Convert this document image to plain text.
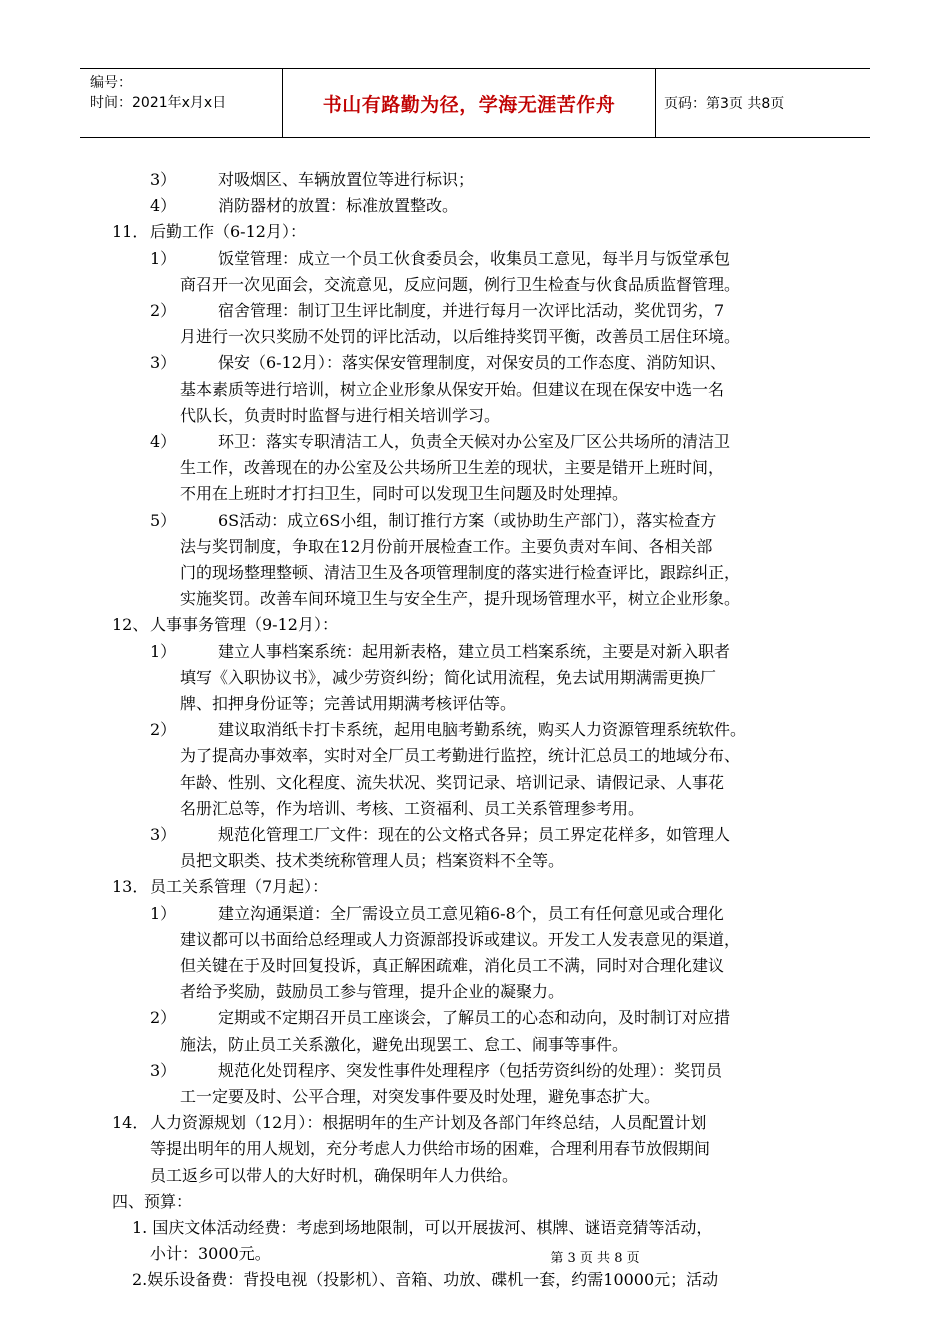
编号：
时间：2021年x月x日	书山有路勤为径，学海无涯苦作舟	页码：第3页 共8页
3）	对吸烟区、车辆放置位等进行标识；
4）	消防器材的放置：标准放置整改。
11． 后勤工作（6-12月）：
1）	饭堂管理：成立一个员工伙食委员会，收集员工意见，每半月与饭堂承包
商召开一次见面会，交流意见，反应问题，例行卫生检查与伙食品质监督管理。
2）	宿舍管理：制订卫生评比制度，并进行每月一次评比活动，奖优罚劣，7
月进行一次只奖励不处罚的评比活动，以后维持奖罚平衡，改善员工居住环境。
3）	保安（6-12月）：落实保安管理制度，对保安员的工作态度、消防知识、
基本素质等进行培训，树立企业形象从保安开始。但建议在现在保安中选一名
代队长，负责时时监督与进行相关培训学习。
4）	环卫：落实专职清洁工人，负责全天候对办公室及厂区公共场所的清洁卫
生工作，改善现在的办公室及公共场所卫生差的现状，主要是错开上班时间，
不用在上班时才打扫卫生，同时可以发现卫生问题及时处理掉。
5）	6S活动：成立6S小组，制订推行方案（或协助生产部门），落实检查方
法与奖罚制度，争取在12月份前开展检查工作。主要负责对车间、各相关部
门的现场整理整顿、清洁卫生及各项管理制度的落实进行检查评比，跟踪纠正，
实施奖罚。改善车间环境卫生与安全生产，提升现场管理水平，树立企业形象。
12、 人事事务管理（9-12月）：
1）	建立人事档案系统：起用新表格，建立员工档案系统，主要是对新入职者
填写《入职协议书》，减少劳资纠纷；简化试用流程，免去试用期满需更换厂
牌、扣押身份证等；完善试用期满考核评估等。
2）	建议取消纸卡打卡系统，起用电脑考勤系统，购买人力资源管理系统软件。
为了提高办事效率，实时对全厂员工考勤进行监控，统计汇总员工的地域分布、
年龄、性别、文化程度、流失状况、奖罚记录、培训记录、请假记录、人事花
名册汇总等，作为培训、考核、工资福利、员工关系管理参考用。
3）	规范化管理工厂文件：现在的公文格式各异；员工界定花样多，如管理人
员把文职类、技术类统称管理人员；档案资料不全等。
13． 员工关系管理（7月起）：
1）	建立沟通渠道：全厂需设立员工意见箱6-8个，员工有任何意见或合理化
建议都可以书面给总经理或人力资源部投诉或建议。开发工人发表意见的渠道，
但关键在于及时回复投诉，真正解困疏难，消化员工不满，同时对合理化建议
者给予奖励，鼓励员工参与管理，提升企业的凝聚力。
2）	定期或不定期召开员工座谈会，了解员工的心态和动向，及时制订对应措
施法，防止员工关系激化，避免出现罢工、怠工、闹事等事件。
3）	规范化处罚程序、突发性事件处理程序（包括劳资纠纷的处理）：奖罚员
工一定要及时、公平合理，对突发事件要及时处理，避免事态扩大。
14． 人力资源规划（12月）：根据明年的生产计划及各部门年终总结，人员配置计划
等提出明年的用人规划，充分考虑人力供给市场的困难，合理利用春节放假期间
员工返乡可以带人的大好时机，确保明年人力供给。
四、预算：
1. 国庆文体活动经费：考虑到场地限制，可以开展拔河、棋牌、谜语竞猜等活动，
小计：3000元。
2.娱乐设备费：背投电视（投影机）、音箱、功放、碟机一套，约需10000元；活动
第 3 页 共 8 页
